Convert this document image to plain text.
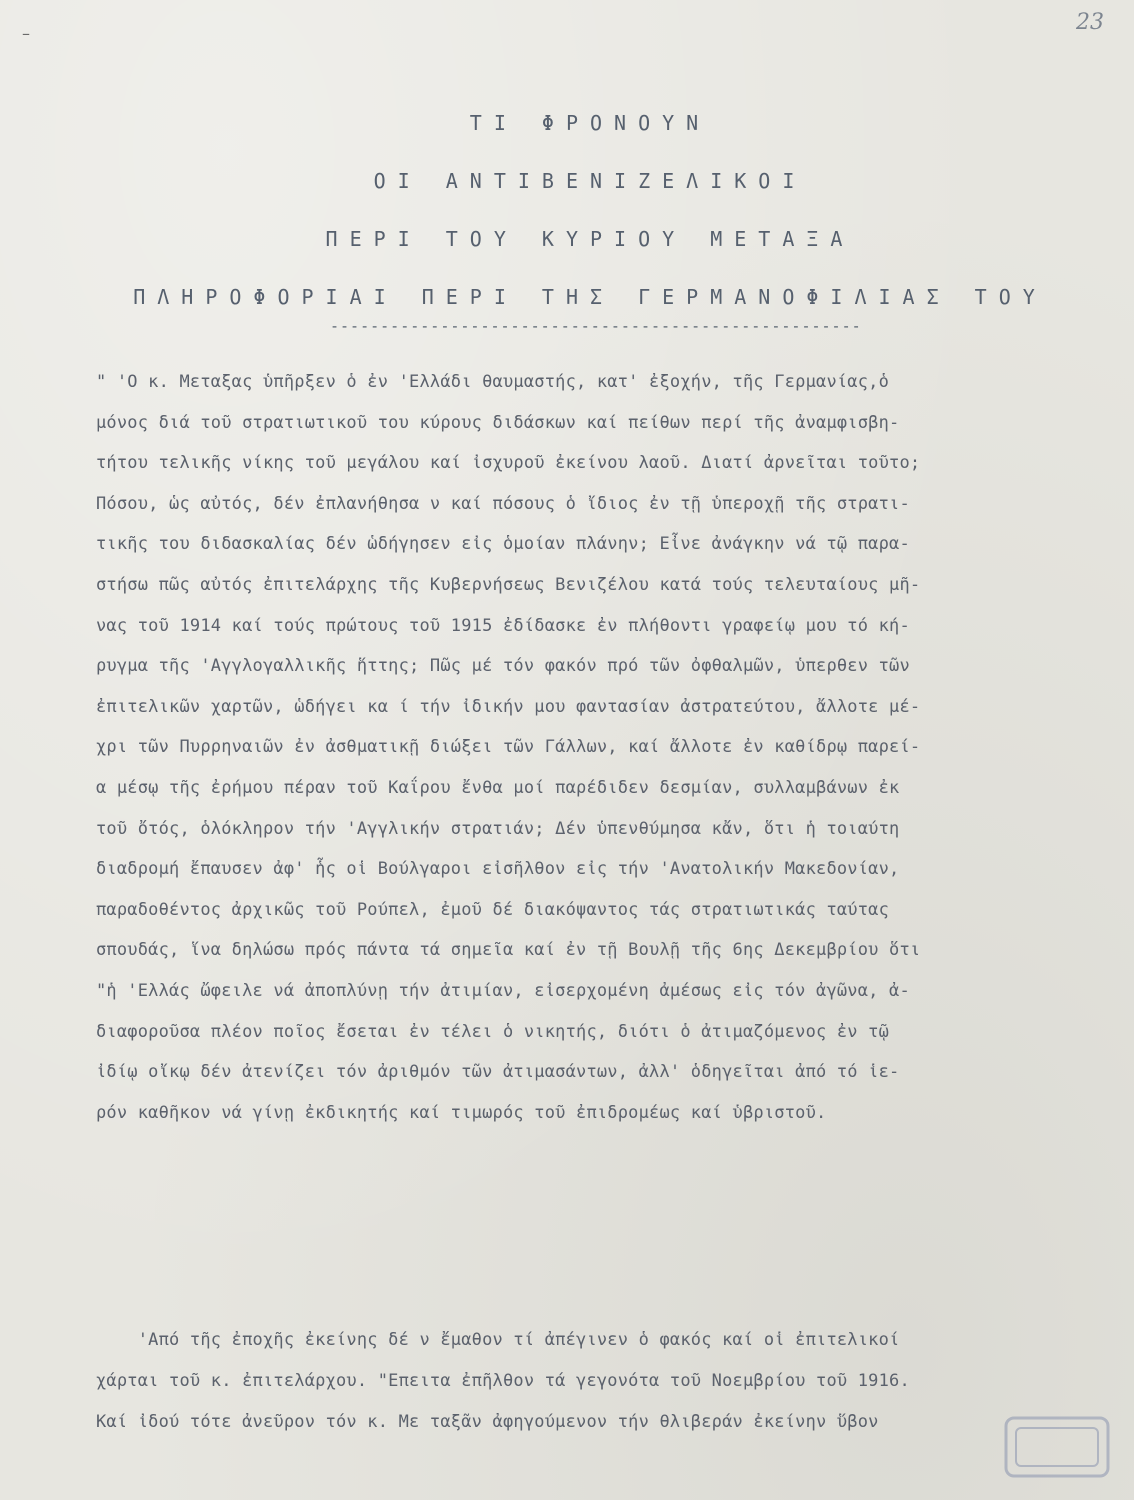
–	23
ΤΙ ΦΡΟΝΟΥΝ
ΟΙ ΑΝΤΙΒΕΝΙΖΕΛΙΚΟΙ
ΠΕΡΙ ΤΟΥ ΚΥΡΙΟΥ ΜΕΤΑΞΑ
ΠΛΗΡΟΦΟΡΙΑΙ ΠΕΡΙ ΤΗΣ ΓΕΡΜΑΝΟΦΙΛΙΑΣ ΤΟΥ
-----------------------------------------------------
" 'Ο κ. Μεταξας ὑπῆρξεν ὁ ἐν 'Ελλάδι θαυμαστής, κατ' ἐξοχήν, τῆς Γερμανίας,ὁ
μόνος διά τοῦ στρατιωτικοῦ του κύρους διδάσκων καί πείθων περί τῆς ἀναμφισβη-
τήτου τελικῆς νίκης τοῦ μεγάλου καί ἰσχυροῦ ἐκείνου λαοῦ. Διατί ἀρνεῖται τοῦτο;
Πόσου, ὡς αὐτός, δέν ἐπλανήθησα ν καί πόσους ὁ ἴδιος ἐν τῇ ὑπεροχῇ τῆς στρατι-
τικῆς του διδασκαλίας δέν ὡδήγησεν εἰς ὁμοίαν πλάνην; Εἶνε ἀνάγκην νά τῷ παρα-
στήσω πῶς αὐτός ἐπιτελάρχης τῆς Κυβερνήσεως Βενιζέλου κατά τούς τελευταίους μῆ-
νας τοῦ 1914 καί τούς πρώτους τοῦ 1915 ἐδίδασκε ἐν πλήθοντι γραφείῳ μου τό κή-
ρυγμα τῆς 'Αγγλογαλλικῆς ἥττης; Πῶς μέ τόν φακόν πρό τῶν ὀφθαλμῶν, ὑπερθεν τῶν
ἐπιτελικῶν χαρτῶν, ὡδήγει κα ί τήν ἰδικήν μου φαντασίαν ἀστρατεύτου, ἄλλοτε μέ-
χρι τῶν Πυρρηναιῶν ἐν ἀσθματικῇ διώξει τῶν Γάλλων, καί ἄλλοτε ἐν καθίδρῳ παρεί-
α μέσῳ τῆς ἐρήμου πέραν τοῦ Καΐρου ἔνθα μοί παρέδιδεν δεσμίαν, συλλαμβάνων ἐκ
τοῦ ὄτός, ὁλόκληρον τήν 'Αγγλικήν στρατιάν; Δέν ὑπενθύμησα κἄν, ὅτι ἡ τοιαύτη
διαδρομή ἔπαυσεν ἀφ' ἧς οἱ Βούλγαροι εἰσῆλθον εἰς τήν 'Ανατολικήν Μακεδονίαν,
παραδοθέντος ἀρχικῶς τοῦ Ρούπελ, ἐμοῦ δέ διακόψαντος τάς στρατιωτικάς ταύτας
σπουδάς, ἵνα δηλώσω πρός πάντα τά σημεῖα καί ἐν τῇ Βουλῇ τῆς 6ης Δεκεμβρίου ὅτι
"ἡ 'Ελλάς ὤφειλε νά ἀποπλύνῃ τήν ἀτιμίαν, εἰσερχομένη ἀμέσως εἰς τόν ἀγῶνα, ἀ-
διαφοροῦσα πλέον ποῖος ἔσεται ἐν τέλει ὁ νικητής, διότι ὁ ἀτιμαζόμενος ἐν τῷ
ἰδίῳ οἴκῳ δέν ἀτενίζει τόν ἀριθμόν τῶν ἀτιμασάντων, ἀλλ' ὁδηγεῖται ἀπό τό ἱε-
ρόν καθῆκον νά γίνῃ ἐκδικητής καί τιμωρός τοῦ ἐπιδρομέως καί ὑβριστοῦ.
'Από τῆς ἐποχῆς ἐκείνης δέ ν ἔμαθον τί ἀπέγινεν ὁ φακός καί οἱ ἐπιτελικοί
χάρται τοῦ κ. ἐπιτελάρχου. "Επειτα ἐπῆλθον τά γεγονότα τοῦ Νοεμβρίου τοῦ 1916.
Καί ἰδού τότε ἀνεῦρον τόν κ. Με ταξᾶν ἀφηγούμενον τήν θλιβεράν ἐκείνην ὕβον
